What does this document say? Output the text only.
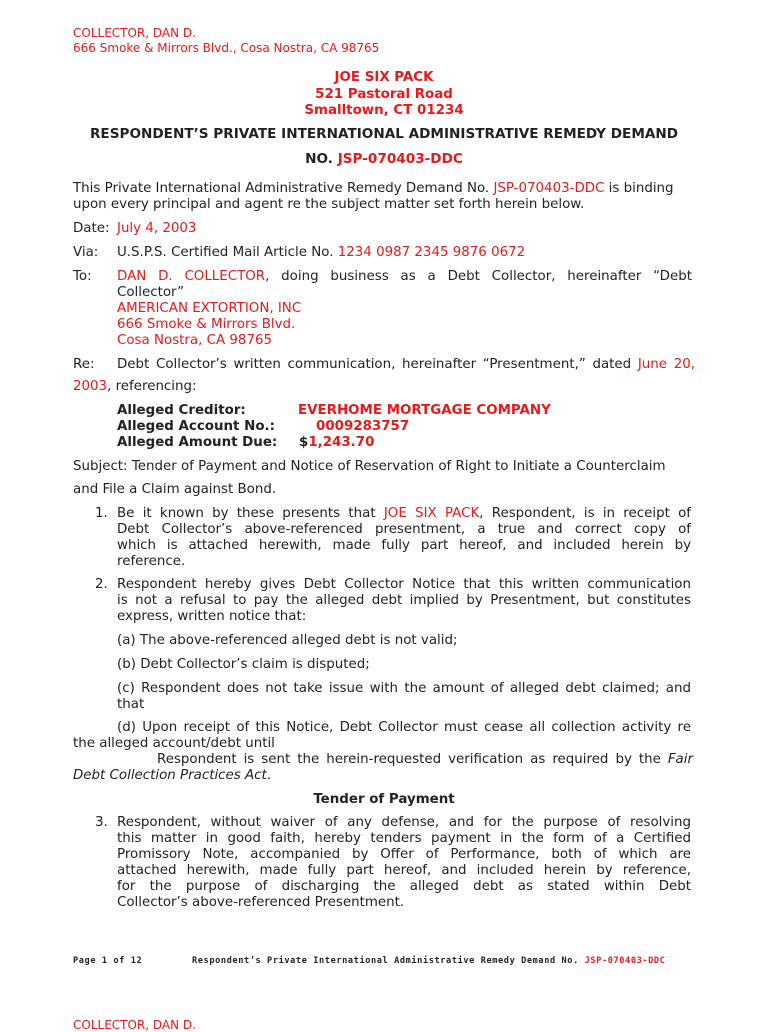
COLLECTOR, DAN D.
666 Smoke & Mirrors Blvd., Cosa Nostra, CA 98765
JOE SIX PACK
521 Pastoral Road
Smalltown, CT 01234
RESPONDENT’S PRIVATE INTERNATIONAL ADMINISTRATIVE REMEDY DEMAND
NO. JSP-070403-DDC
This Private International Administrative Remedy Demand No. JSP-070403-DDC is binding
upon every principal and agent re the subject matter set forth herein below.
Date: July 4, 2003
Via: U.S.P.S. Certified Mail Article No. 1234 0987 2345 9876 0672
To: DAN D. COLLECTOR, doing business as a Debt Collector, hereinafter “Debt
Collector”
AMERICAN EXTORTION, INC
666 Smoke & Mirrors Blvd.
Cosa Nostra, CA 98765
Re: Debt Collector’s written communication, hereinafter “Presentment,” dated June 20,
2003, referencing:
Alleged Creditor:	EVERHOME MORTGAGE COMPANY
Alleged Account No.:	0009283757
Alleged Amount Due: $1,243.70
Subject: Tender of Payment and Notice of Reservation of Right to Initiate a Counterclaim
and File a Claim against Bond.
1. Be it known by these presents that JOE SIX PACK, Respondent, is in receipt of
Debt Collector’s above-referenced presentment, a true and correct copy of
which is attached herewith, made fully part hereof, and included herein by
reference.
2. Respondent hereby gives Debt Collector Notice that this written communication
is not a refusal to pay the alleged debt implied by Presentment, but constitutes
express, written notice that:
(a) The above-referenced alleged debt is not valid;
(b) Debt Collector’s claim is disputed;
(c) Respondent does not take issue with the amount of alleged debt claimed; and
that
(d) Upon receipt of this Notice, Debt Collector must cease all collection activity re
the alleged account/debt until
Respondent is sent the herein-requested verification as required by the Fair
Debt Collection Practices Act.
Tender of Payment
3. Respondent, without waiver of any defense, and for the purpose of resolving
this matter in good faith, hereby tenders payment in the form of a Certified
Promissory Note, accompanied by Offer of Performance, both of which are
attached herewith, made fully part hereof, and included herein by reference,
for the purpose of discharging the alleged debt as stated within Debt
Collector’s above-referenced Presentment.
Page 1 of 12	Respondent’s Private International Administrative Remedy Demand No. JSP-070403-DDC
COLLECTOR, DAN D.
